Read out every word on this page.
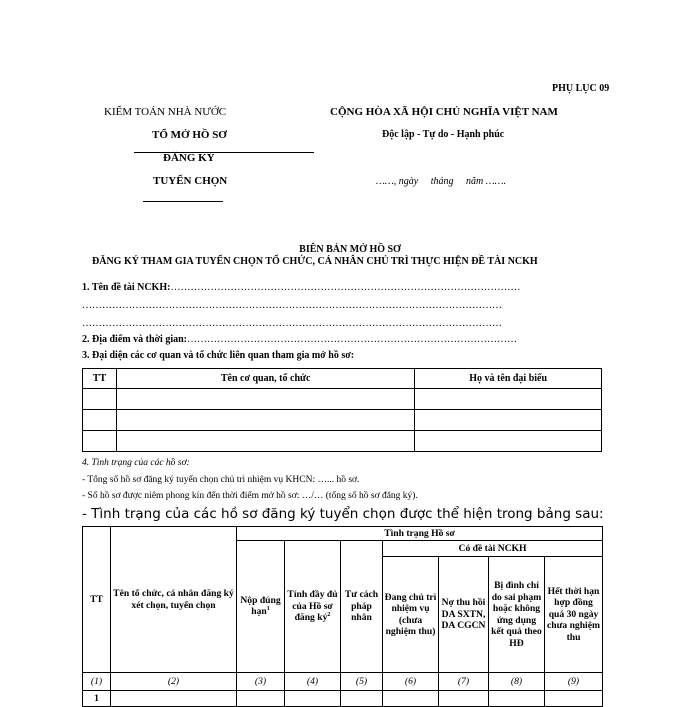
PHỤ LỤC 09
KIỂM TOÁN NHÀ NƯỚC
TỔ MỞ HỒ SƠ
ĐĂNG KÝ
TUYỂN CHỌN
CỘNG HÒA XÃ HỘI CHỦ NGHĨA VIỆT NAM
Độc lập - Tự do - Hạnh phúc
……, ngày     tháng     năm …….
BIÊN BẢN MỞ HỒ SƠ
ĐĂNG KÝ THAM GIA TUYỂN CHỌN TỔ CHỨC, CÁ NHÂN CHỦ TRÌ THỰC HIỆN ĐỀ TÀI NCKH
1. Tên đề tài NCKH:……………………………………………………………………………………………
………………………………………………………………………………………………………………
………………………………………………………………………………………………………………
2. Địa điểm và thời gian:………………………………………………………………………………………
3. Đại diện các cơ quan và tổ chức liên quan tham gia mở hồ sơ:
TT	Tên cơ quan, tổ chức	Họ và tên đại biểu

4. Tình trạng của các hồ sơ:
- Tổng số hồ sơ đăng ký tuyển chọn chủ trì nhiệm vụ KHCN: …... hồ sơ.
- Số hồ sơ được niêm phong kín đến thời điểm mở hồ sơ: …/… (tổng số hồ sơ đăng ký).
- Tình trạng của các hồ sơ đăng ký tuyển chọn được thể hiện trong bảng sau:
TT	Tên tổ chức, cá nhân đăng ký xét chọn, tuyển chọn	Tình trạng Hồ sơ						
		Nộp đúng hạn$^1$	Tính đầy đủ của Hồ sơ đăng $ký^2$	Tư cách pháp nhân	Có đề tài NCKH			
					Đang chủ trì nhiệm vụ (chưa nghiệm thu)	Nợ thu hồi DA SXTN, DA CGCN	Bị đình chỉ do sai phạm hoặc không ứng dụng kết quả theo HĐ	Hết thời hạn hợp đồng quá 30 ngày chưa nghiệm thu
(1)	(2)	(3)	(4)	(5)	(6)	(7)	(8)	(9)
1								
